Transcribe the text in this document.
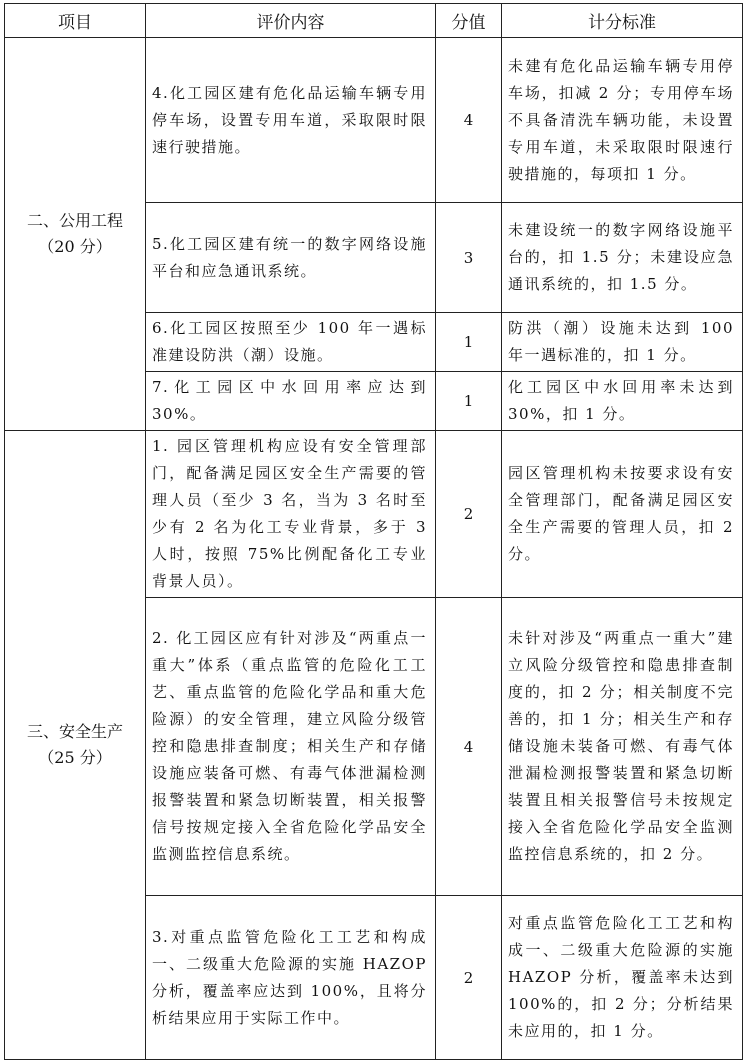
项目	评价内容	分值	计分标准

二、公用工程
（20 分）	4.化工园区建有危化品运输车辆专用停车场，设置专用车道，采取限时限速行驶措施。	4	未建有危化品运输车辆专用停车场，扣减 2 分；专用停车场不具备清洗车辆功能，未设置专用车道，未采取限时限速行驶措施的，每项扣 1 分。
	5.化工园区建有统一的数字网络设施平台和应急通讯系统。	3	未建设统一的数字网络设施平台的，扣 1.5 分；未建设应急通讯系统的，扣 1.5 分。
	6.化工园区按照至少 100 年一遇标准建设防洪（潮）设施。	1	防洪（潮）设施未达到 100 年一遇标准的，扣 1 分。
	7.化工园区中水回用率应达到 30%。	1	化工园区中水回用率未达到 30%，扣 1 分。

三、安全生产
（25 分）	1. 园区管理机构应设有安全管理部门，配备满足园区安全生产需要的管理人员（至少 3 名，当为 3 名时至少有 2 名为化工专业背景，多于 3 人时，按照 75%比例配备化工专业背景人员）。	2	园区管理机构未按要求设有安全管理部门，配备满足园区安全生产需要的管理人员，扣 2 分。
	2. 化工园区应有针对涉及“两重点一重大”体系（重点监管的危险化工工艺、重点监管的危险化学品和重大危险源）的安全管理，建立风险分级管控和隐患排查制度；相关生产和存储设施应装备可燃、有毒气体泄漏检测报警装置和紧急切断装置，相关报警信号按规定接入全省危险化学品安全监测监控信息系统。	4	未针对涉及“两重点一重大”建立风险分级管控和隐患排查制度的，扣 2 分；相关制度不完善的，扣 1 分；相关生产和存储设施未装备可燃、有毒气体泄漏检测报警装置和紧急切断装置且相关报警信号未按规定接入全省危险化学品安全监测监控信息系统的，扣 2 分。
	3.对重点监管危险化工工艺和构成一、二级重大危险源的实施 HAZOP 分析，覆盖率应达到 100%，且将分析结果应用于实际工作中。	2	对重点监管危险化工工艺和构成一、二级重大危险源的实施 HAZOP 分析，覆盖率未达到 100%的，扣 2 分；分析结果未应用的，扣 1 分。
